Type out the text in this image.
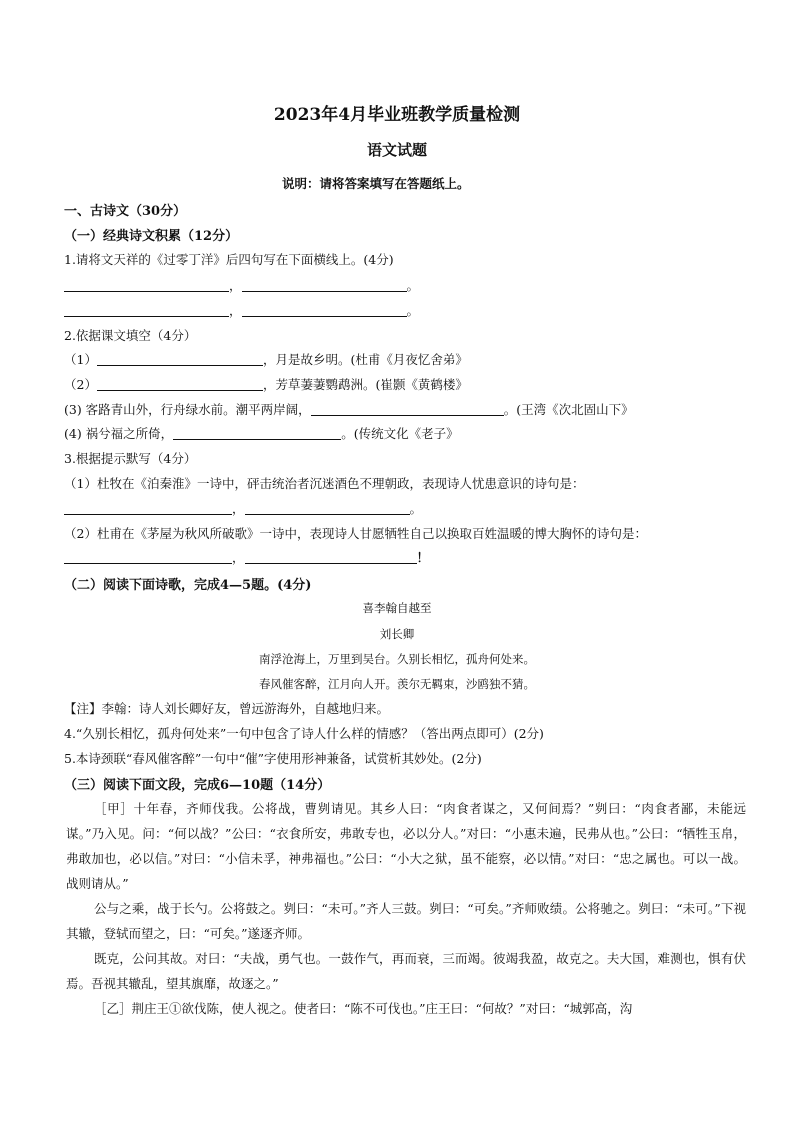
2023年4月毕业班教学质量检测
语文试题
说明：请将答案填写在答题纸上。
一、古诗文（30分）
（一）经典诗文积累（12分）
1.请将文天祥的《过零丁洋》后四句写在下面横线上。(4分)
，	。
，	。
2.依据课文填空（4分）
（1）	，月是故乡明。(杜甫《月夜忆舍弟》
（2）	，芳草萋萋鹦鹉洲。(崔颢《黄鹤楼》
(3) 客路青山外，行舟绿水前。潮平两岸阔，	。(王湾《次北固山下》
(4) 祸兮福之所倚，	。(传统文化《老子》
3.根据提示默写（4分）
（1）杜牧在《泊秦淮》一诗中，砰击统治者沉迷酒色不理朝政，表现诗人忧患意识的诗句是：
，	。
（2）杜甫在《茅屋为秋风所破歌》一诗中，表现诗人甘愿牺牲自己以换取百姓温暖的博大胸怀的诗句是：
，	！
（二）阅读下面诗歌，完成4—5题。(4分)
喜李翰自越至
刘长卿
南浮沧海上，万里到吴台。久别长相忆，孤舟何处来。
春风催客醉，江月向人开。羡尔无羁束，沙鸥独不猜。
【注】李翰：诗人刘长卿好友，曾远游海外，自越地归来。
4.“久别长相忆，孤舟何处来”一句中包含了诗人什么样的情感？（答出两点即可）(2分)
5.本诗颈联“春风催客醉”一句中“催”字使用形神兼备，试赏析其妙处。(2分)
（三）阅读下面文段，完成6—10题（14分）

［甲］十年春，齐师伐我。公将战，曹刿请见。其乡人曰：“肉食者谋之，又何间焉？”刿曰：“肉食者鄙，未能远谋。”乃入见。问：“何以战？”公曰：“衣食所安，弗敢专也，必以分人。”对曰：“小惠未遍，民弗从也。”公曰：“牺牲玉帛，弗敢加也，必以信。”对曰：“小信未孚，神弗福也。”公曰：“小大之狱，虽不能察，必以情。”对曰：“忠之属也。可以一战。战则请从。”

公与之乘，战于长勺。公将鼓之。刿曰：“未可。”齐人三鼓。刿曰：“可矣。”齐师败绩。公将驰之。刿曰：“未可。”下视其辙，登轼而望之，曰：“可矣。”遂逐齐师。

既克，公问其故。对曰：“夫战，勇气也。一鼓作气，再而衰，三而竭。彼竭我盈，故克之。夫大国，难测也，惧有伏焉。吾视其辙乱，望其旗靡，故逐之。”

［乙］荆庄王①欲伐陈，使人视之。使者曰：“陈不可伐也。”庄王曰：“何故？”对曰：“城郭高，沟
